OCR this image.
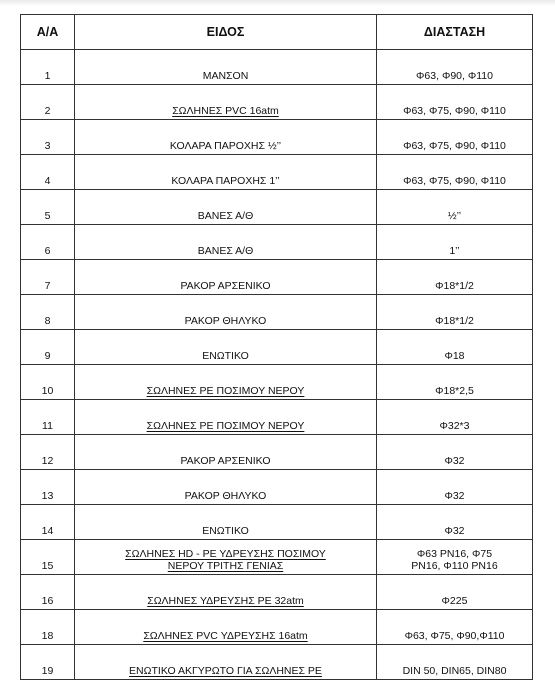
Α/Α	ΕΙΔΟΣ	ΔΙΑΣΤΑΣΗ
1	ΜΑΝΣΟΝ	Φ63, Φ90, Φ110
2	ΣΩΛΗΝΕΣ PVC 16atm	Φ63, Φ75, Φ90, Φ110
3	ΚΟΛΑΡΑ ΠΑΡΟΧΗΣ ½’’	Φ63, Φ75, Φ90, Φ110
4	ΚΟΛΑΡΑ ΠΑΡΟΧΗΣ 1’’	Φ63, Φ75, Φ90, Φ110
5	ΒΑΝΕΣ Α/Θ	½’’
6	ΒΑΝΕΣ Α/Θ	1’’
7	ΡΑΚΟΡ ΑΡΣΕΝΙΚΟ	Φ18*1/2
8	ΡΑΚΟΡ ΘΗΛΥΚΟ	Φ18*1/2
9	ΕΝΩΤΙΚΟ	Φ18
10	ΣΩΛΗΝΕΣ ΡΕ ΠΟΣΙΜΟΥ ΝΕΡΟΥ	Φ18*2,5
11	ΣΩΛΗΝΕΣ ΡΕ ΠΟΣΙΜΟΥ ΝΕΡΟΥ	Φ32*3
12	ΡΑΚΟΡ ΑΡΣΕΝΙΚΟ	Φ32
13	ΡΑΚΟΡ ΘΗΛΥΚΟ	Φ32
14	ΕΝΩΤΙΚΟ	Φ32
15	ΣΩΛΗΝΕΣ HD - ΡΕ ΥΔΡΕΥΣΗΣ ΠΟΣΙΜΟΥ ΝΕΡΟΥ ΤΡΙΤΗΣ ΓΕΝΙΑΣ	Φ63 PN16, Φ75 PN16, Φ110 PN16
16	ΣΩΛΗΝΕΣ ΥΔΡΕΥΣΗΣ ΡΕ 32atm	Φ225
18	ΣΩΛΗΝΕΣ PVC ΥΔΡΕΥΣΗΣ 16atm	Φ63, Φ75, Φ90,Φ110
19	ΕΝΩΤΙΚΟ ΑΚΓΥΡΩΤΟ ΓΙΑ ΣΩΛΗΝΕΣ ΡΕ	DIN 50, DIN65, DIN80
